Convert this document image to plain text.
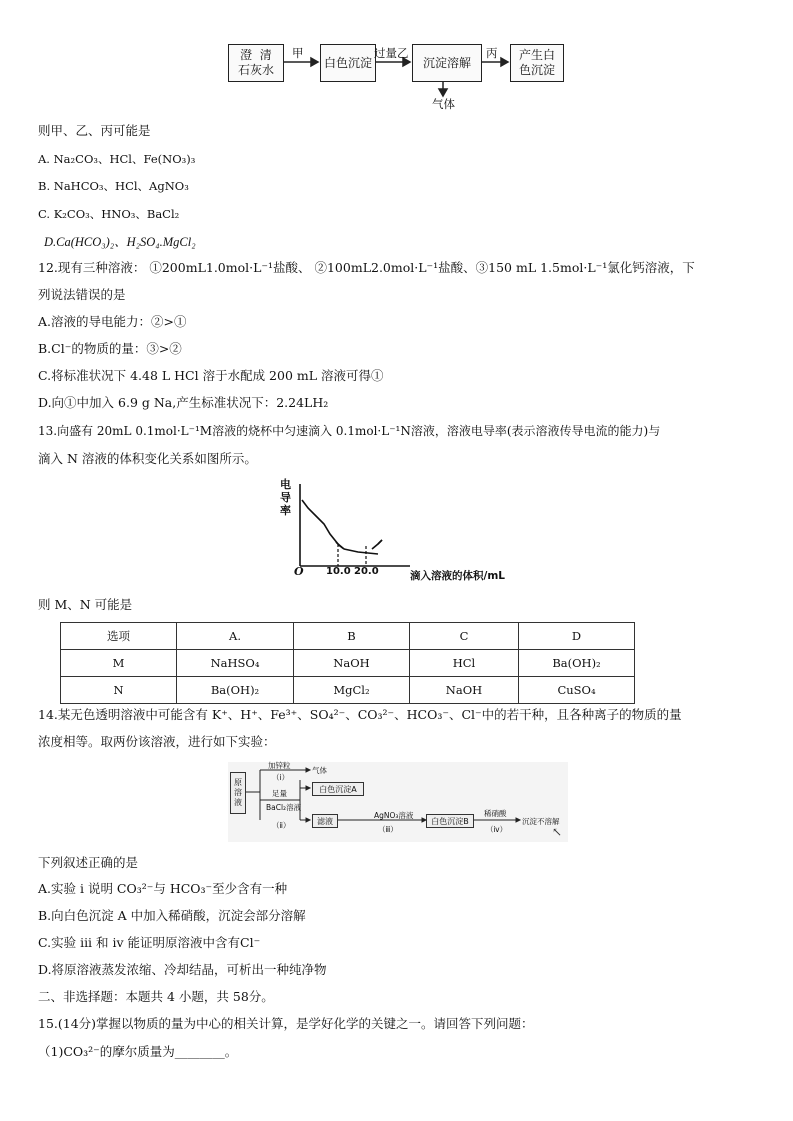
澄  清
石灰水
白色沉淀	沉淀溶解
产生白
色沉淀
甲	过量乙	丙
气体
则甲、乙、丙可能是
A. Na₂CO₃、HCl、Fe(NO₃)₃
B. NaHCO₃、HCl、AgNO₃
C. K₂CO₃、HNO₃、BaCl₂
D.Ca(HCO₃)₂、H₂SO₄.MgCl₂
12.现有三种溶液： ①200mL1.0mol·L⁻¹盐酸、 ②100mL2.0mol·L⁻¹盐酸、③150 mL 1.5mol·L⁻¹氯化钙溶液，下
列说法错误的是
A.溶液的导电能力：②>①
B.Cl⁻的物质的量：③>②
C.将标准状况下 4.48 L HCl 溶于水配成 200 mL 溶液可得①
D.向①中加入 6.9 g Na,产生标准状况下：2.24LH₂
13.向盛有 20mL 0.1mol·L⁻¹M溶液的烧杯中匀速滴入 0.1mol·L⁻¹N溶液，溶液电导率(表示溶液传导电流的能力)与
滴入 N 溶液的体积变化关系如图所示。
电
导
率
O 10.0 20.0	滴入溶液的体积/mL
则 M、N 可能是
选项	A.	B	C	D
M	NaHSO₄	NaOH	HCl	Ba(OH)₂
N	Ba(OH)₂	MgCl₂	NaOH	CuSO₄
14.某无色透明溶液中可能含有 K⁺、H⁺、Fe³⁺、SO₄²⁻、CO₃²⁻、HCO₃⁻、Cl⁻中的若干种，且各种离子的物质的量
浓度相等。取两份该溶液，进行如下实验：
原
溶
液
加锌粒
（ⅰ）
气体
足量
BaCl₂溶液
（ⅱ）
白色沉淀A
滤液
AgNO₃溶液
（ⅲ）
白色沉淀B
稀硝酸
（ⅳ）
沉淀不溶解
↖
下列叙述正确的是
A.实验 i 说明 CO₃²⁻与 HCO₃⁻至少含有一种
B.向白色沉淀 A 中加入稀硝酸，沉淀会部分溶解
C.实验 iii 和 iv 能证明原溶液中含有Cl⁻
D.将原溶液蒸发浓缩、冷却结晶，可析出一种纯净物
二、非选择题：本题共 4 小题，共 58分。
15.(14分)掌握以物质的量为中心的相关计算，是学好化学的关键之一。请回答下列问题：
（1)CO₃²⁻的摩尔质量为________。
